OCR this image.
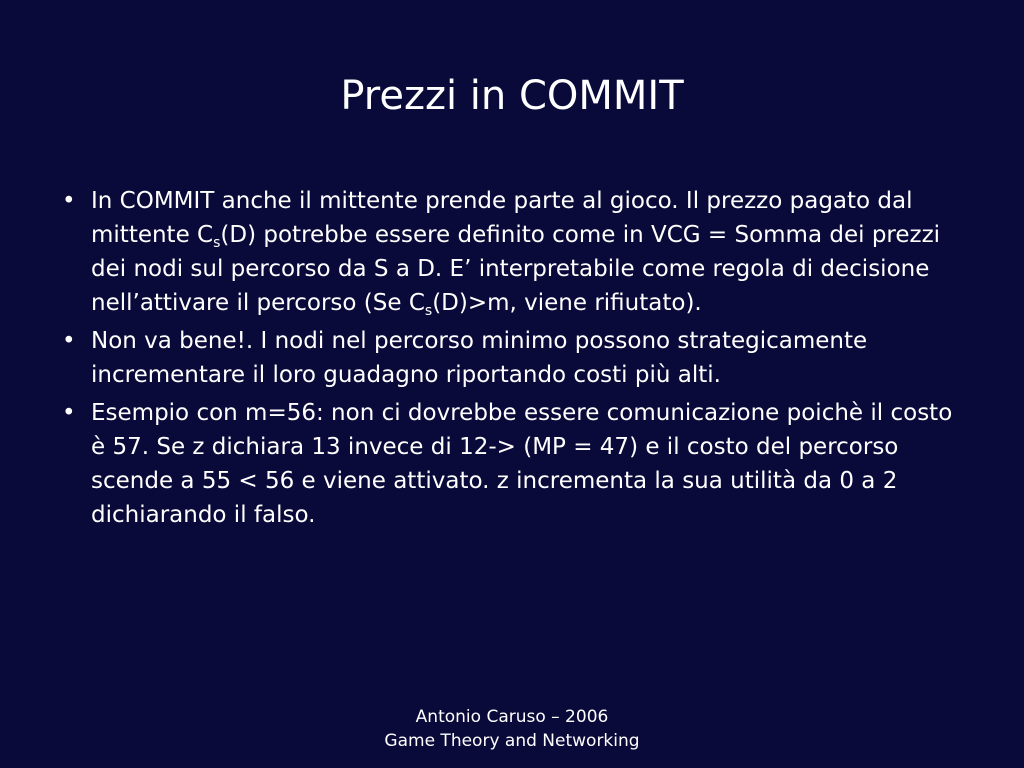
Prezzi in COMMIT
• In COMMIT anche il mittente prende parte al gioco. Il prezzo pagato dal mittente $C_s(D)$ potrebbe essere definito come in VCG = Somma dei prezzi dei nodi sul percorso da S a D. E’ interpretabile come regola di decisione nell’attivare il percorso (Se $C_s(D)>m$, viene rifiutato).
• Non va bene!. I nodi nel percorso minimo possono strategicamente incrementare il loro guadagno riportando costi più alti.
• Esempio con m=56: non ci dovrebbe essere comunicazione poichè il costo è 57. Se z dichiara 13 invece di 12-> (MP = 47) e il costo del percorso scende a 55 < 56 e viene attivato. z incrementa la sua utilità da 0 a 2 dichiarando il falso.
Antonio Caruso – 2006
Game Theory and Networking
